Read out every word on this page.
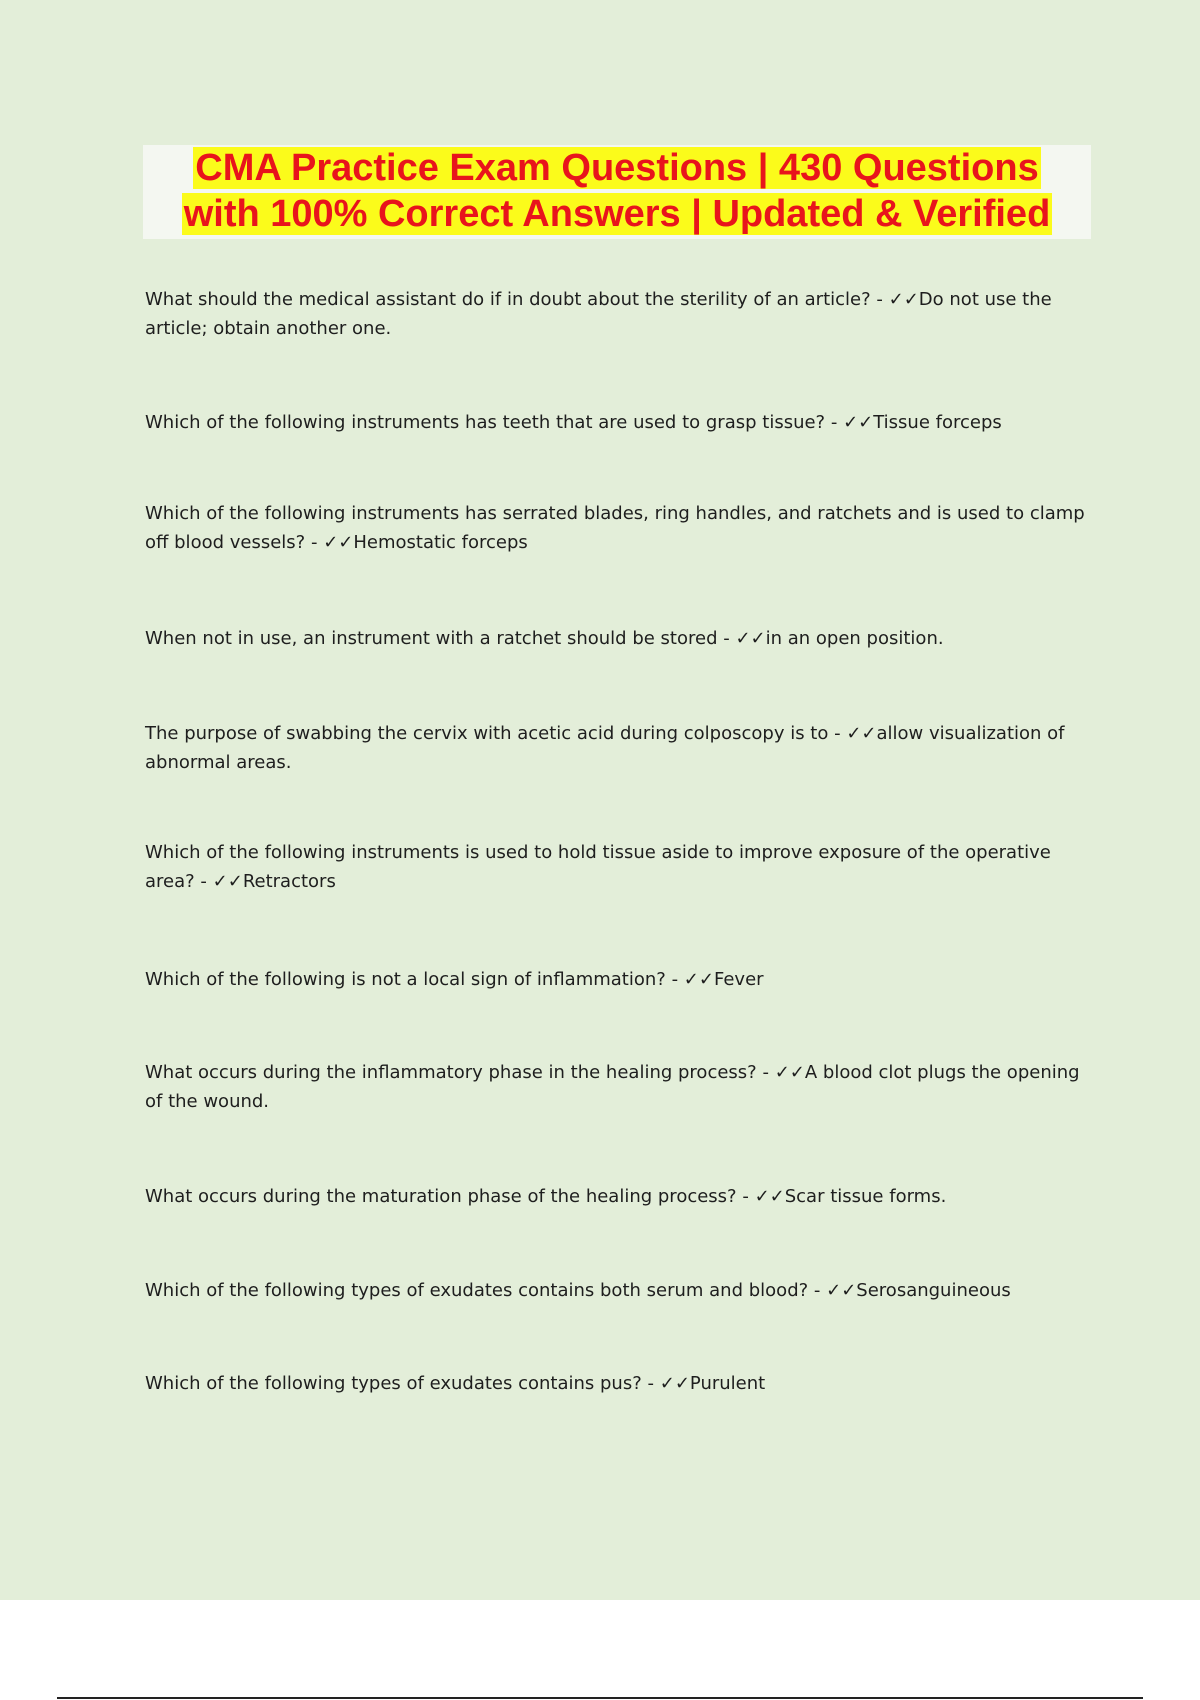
CMA Practice Exam Questions | 430 Questions
with 100% Correct Answers | Updated & Verified

What should the medical assistant do if in doubt about the sterility of an article? - ✓✓Do not use the article; obtain another one.

Which of the following instruments has teeth that are used to grasp tissue? - ✓✓Tissue forceps

Which of the following instruments has serrated blades, ring handles, and ratchets and is used to clamp off blood vessels? - ✓✓Hemostatic forceps

When not in use, an instrument with a ratchet should be stored - ✓✓in an open position.

The purpose of swabbing the cervix with acetic acid during colposcopy is to - ✓✓allow visualization of abnormal areas.

Which of the following instruments is used to hold tissue aside to improve exposure of the operative area? - ✓✓Retractors

Which of the following is not a local sign of inflammation? - ✓✓Fever

What occurs during the inflammatory phase in the healing process? - ✓✓A blood clot plugs the opening of the wound.

What occurs during the maturation phase of the healing process? - ✓✓Scar tissue forms.

Which of the following types of exudates contains both serum and blood? - ✓✓Serosanguineous

Which of the following types of exudates contains pus? - ✓✓Purulent
